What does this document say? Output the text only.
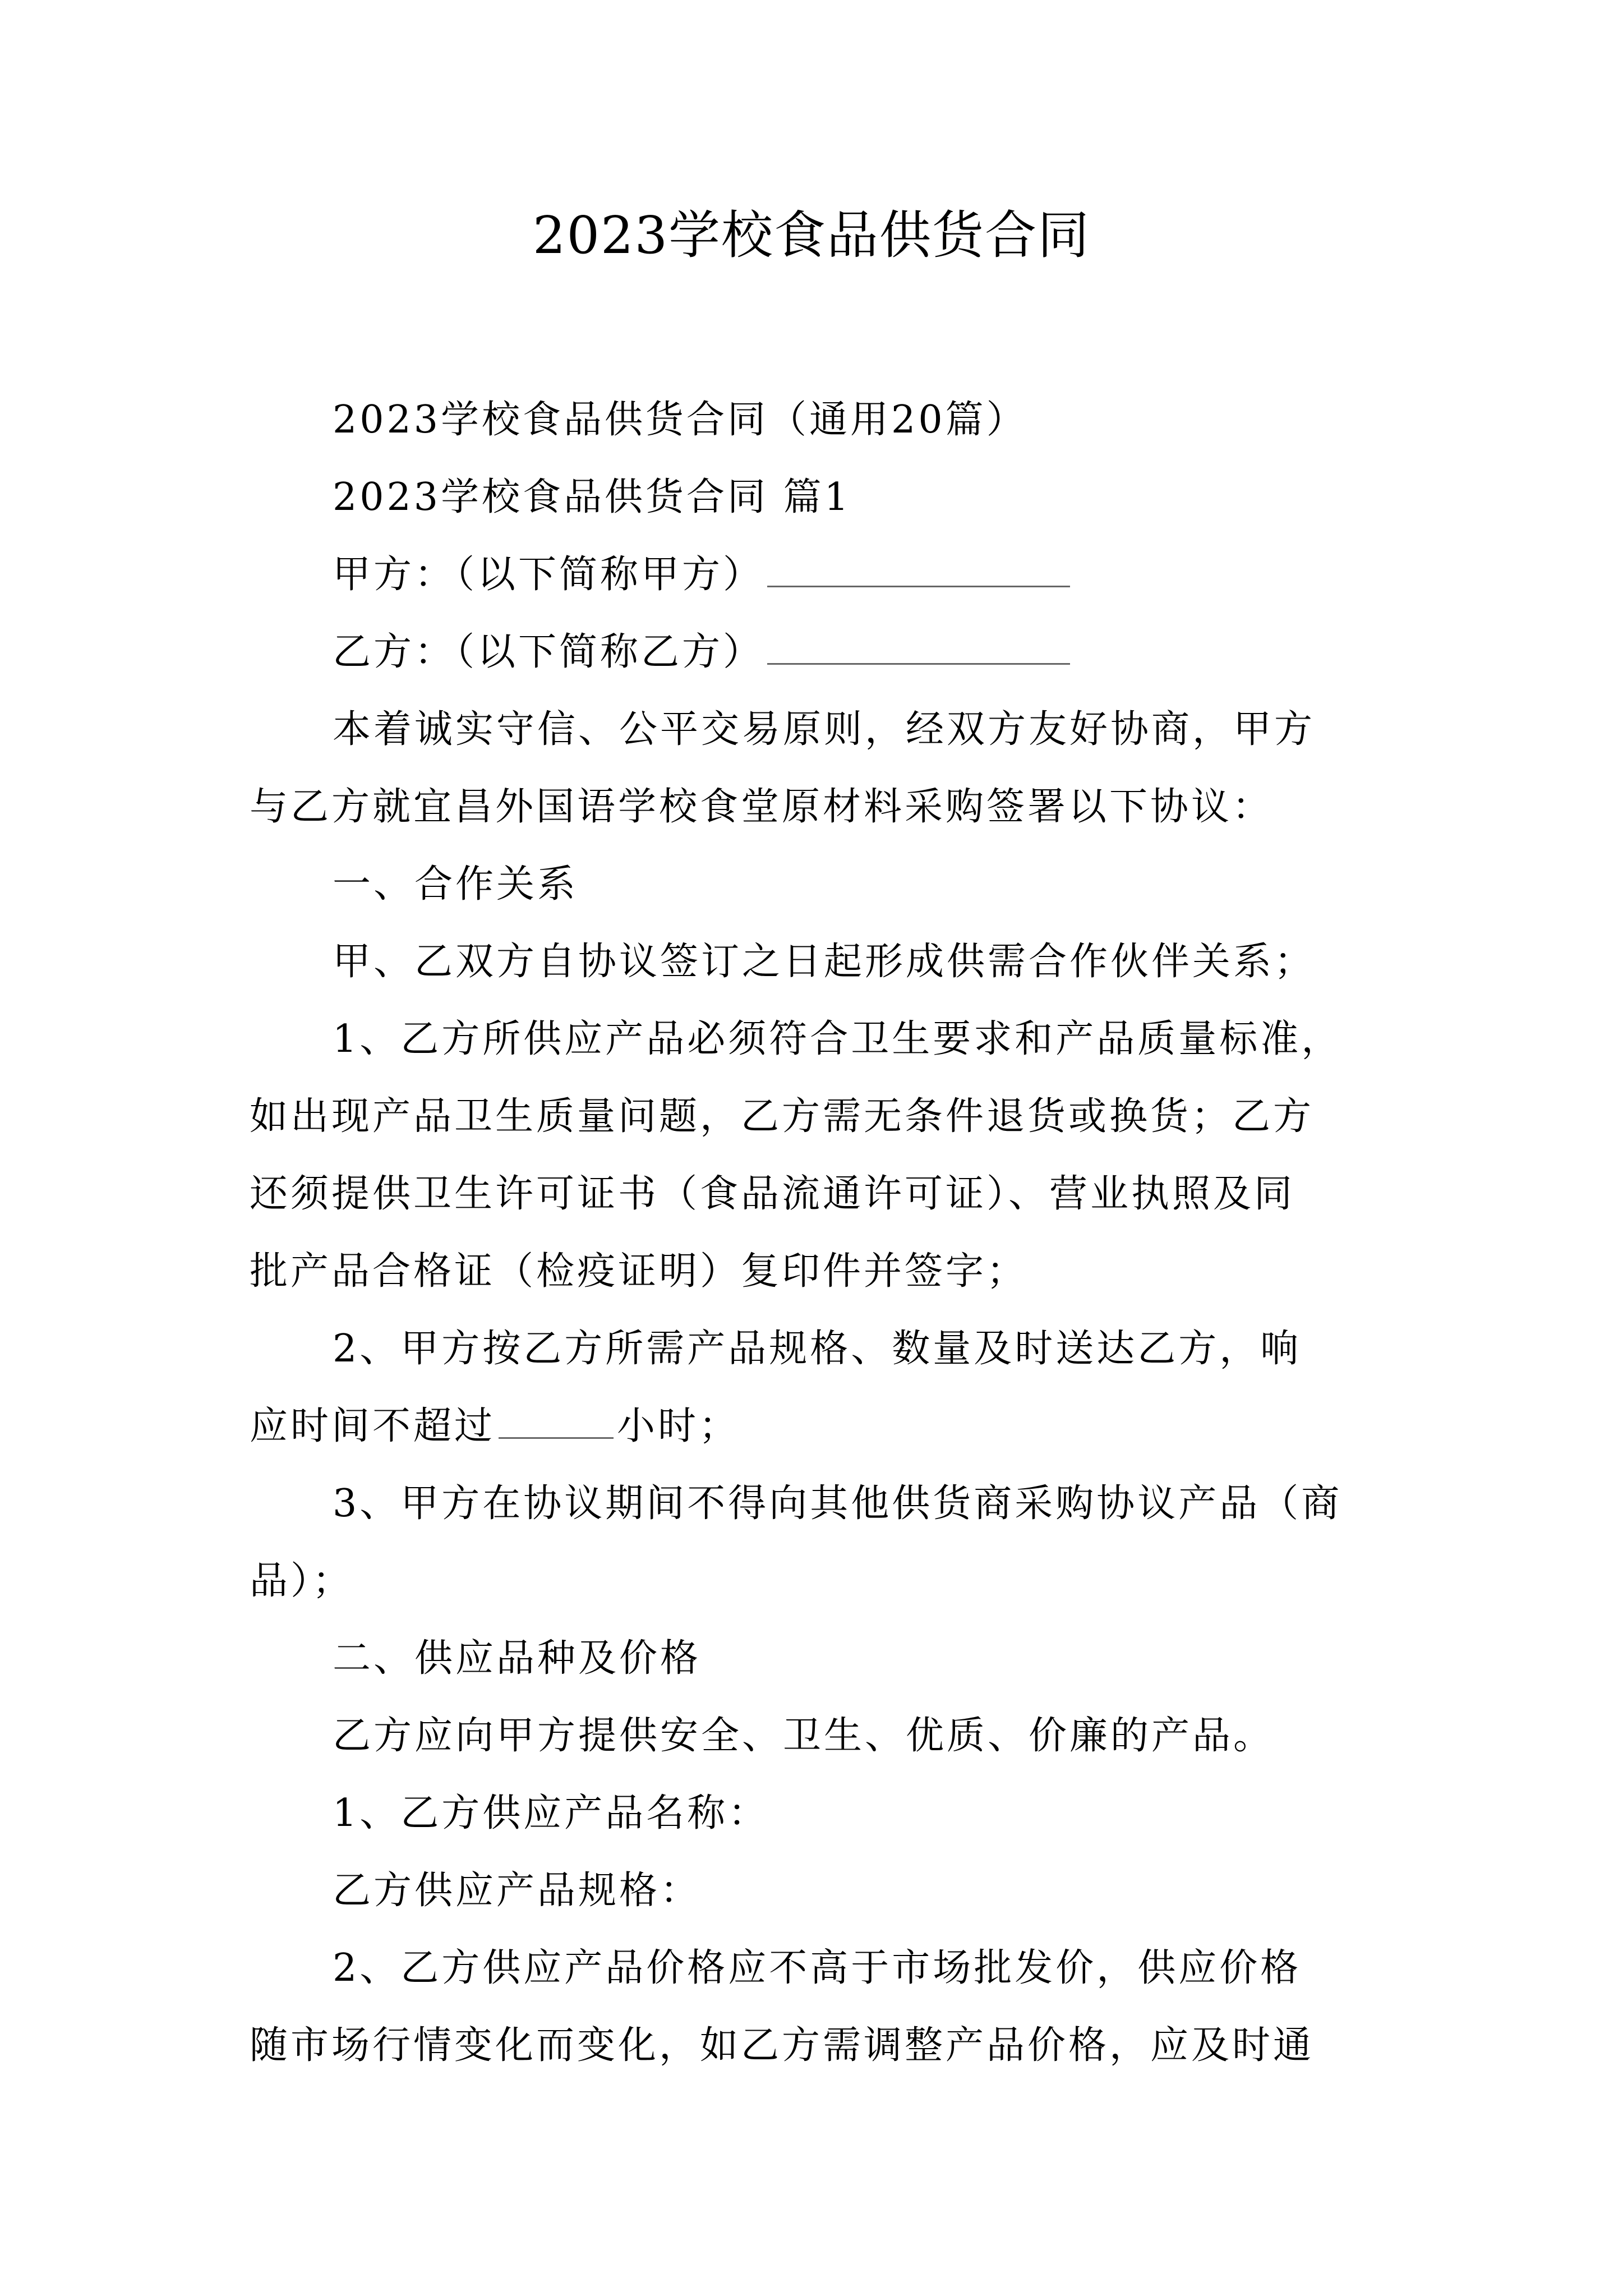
2023学校食品供货合同
2023学校食品供货合同（通用20篇）
2023学校食品供货合同 篇1
甲方：（以下简称甲方）
乙方：（以下简称乙方）
本着诚实守信、公平交易原则，经双方友好协商，甲方
与乙方就宜昌外国语学校食堂原材料采购签署以下协议：
一、合作关系
甲、乙双方自协议签订之日起形成供需合作伙伴关系；
1、乙方所供应产品必须符合卫生要求和产品质量标准，
如出现产品卫生质量问题，乙方需无条件退货或换货；乙方
还须提供卫生许可证书（食品流通许可证）、营业执照及同
批产品合格证（检疫证明）复印件并签字；
2、甲方按乙方所需产品规格、数量及时送达乙方，响
应时间不超过	小时；
3、甲方在协议期间不得向其他供货商采购协议产品（商
品）；
二、供应品种及价格
乙方应向甲方提供安全、卫生、优质、价廉的产品。
1、乙方供应产品名称：
乙方供应产品规格：
2、乙方供应产品价格应不高于市场批发价，供应价格
随市场行情变化而变化，如乙方需调整产品价格，应及时通
